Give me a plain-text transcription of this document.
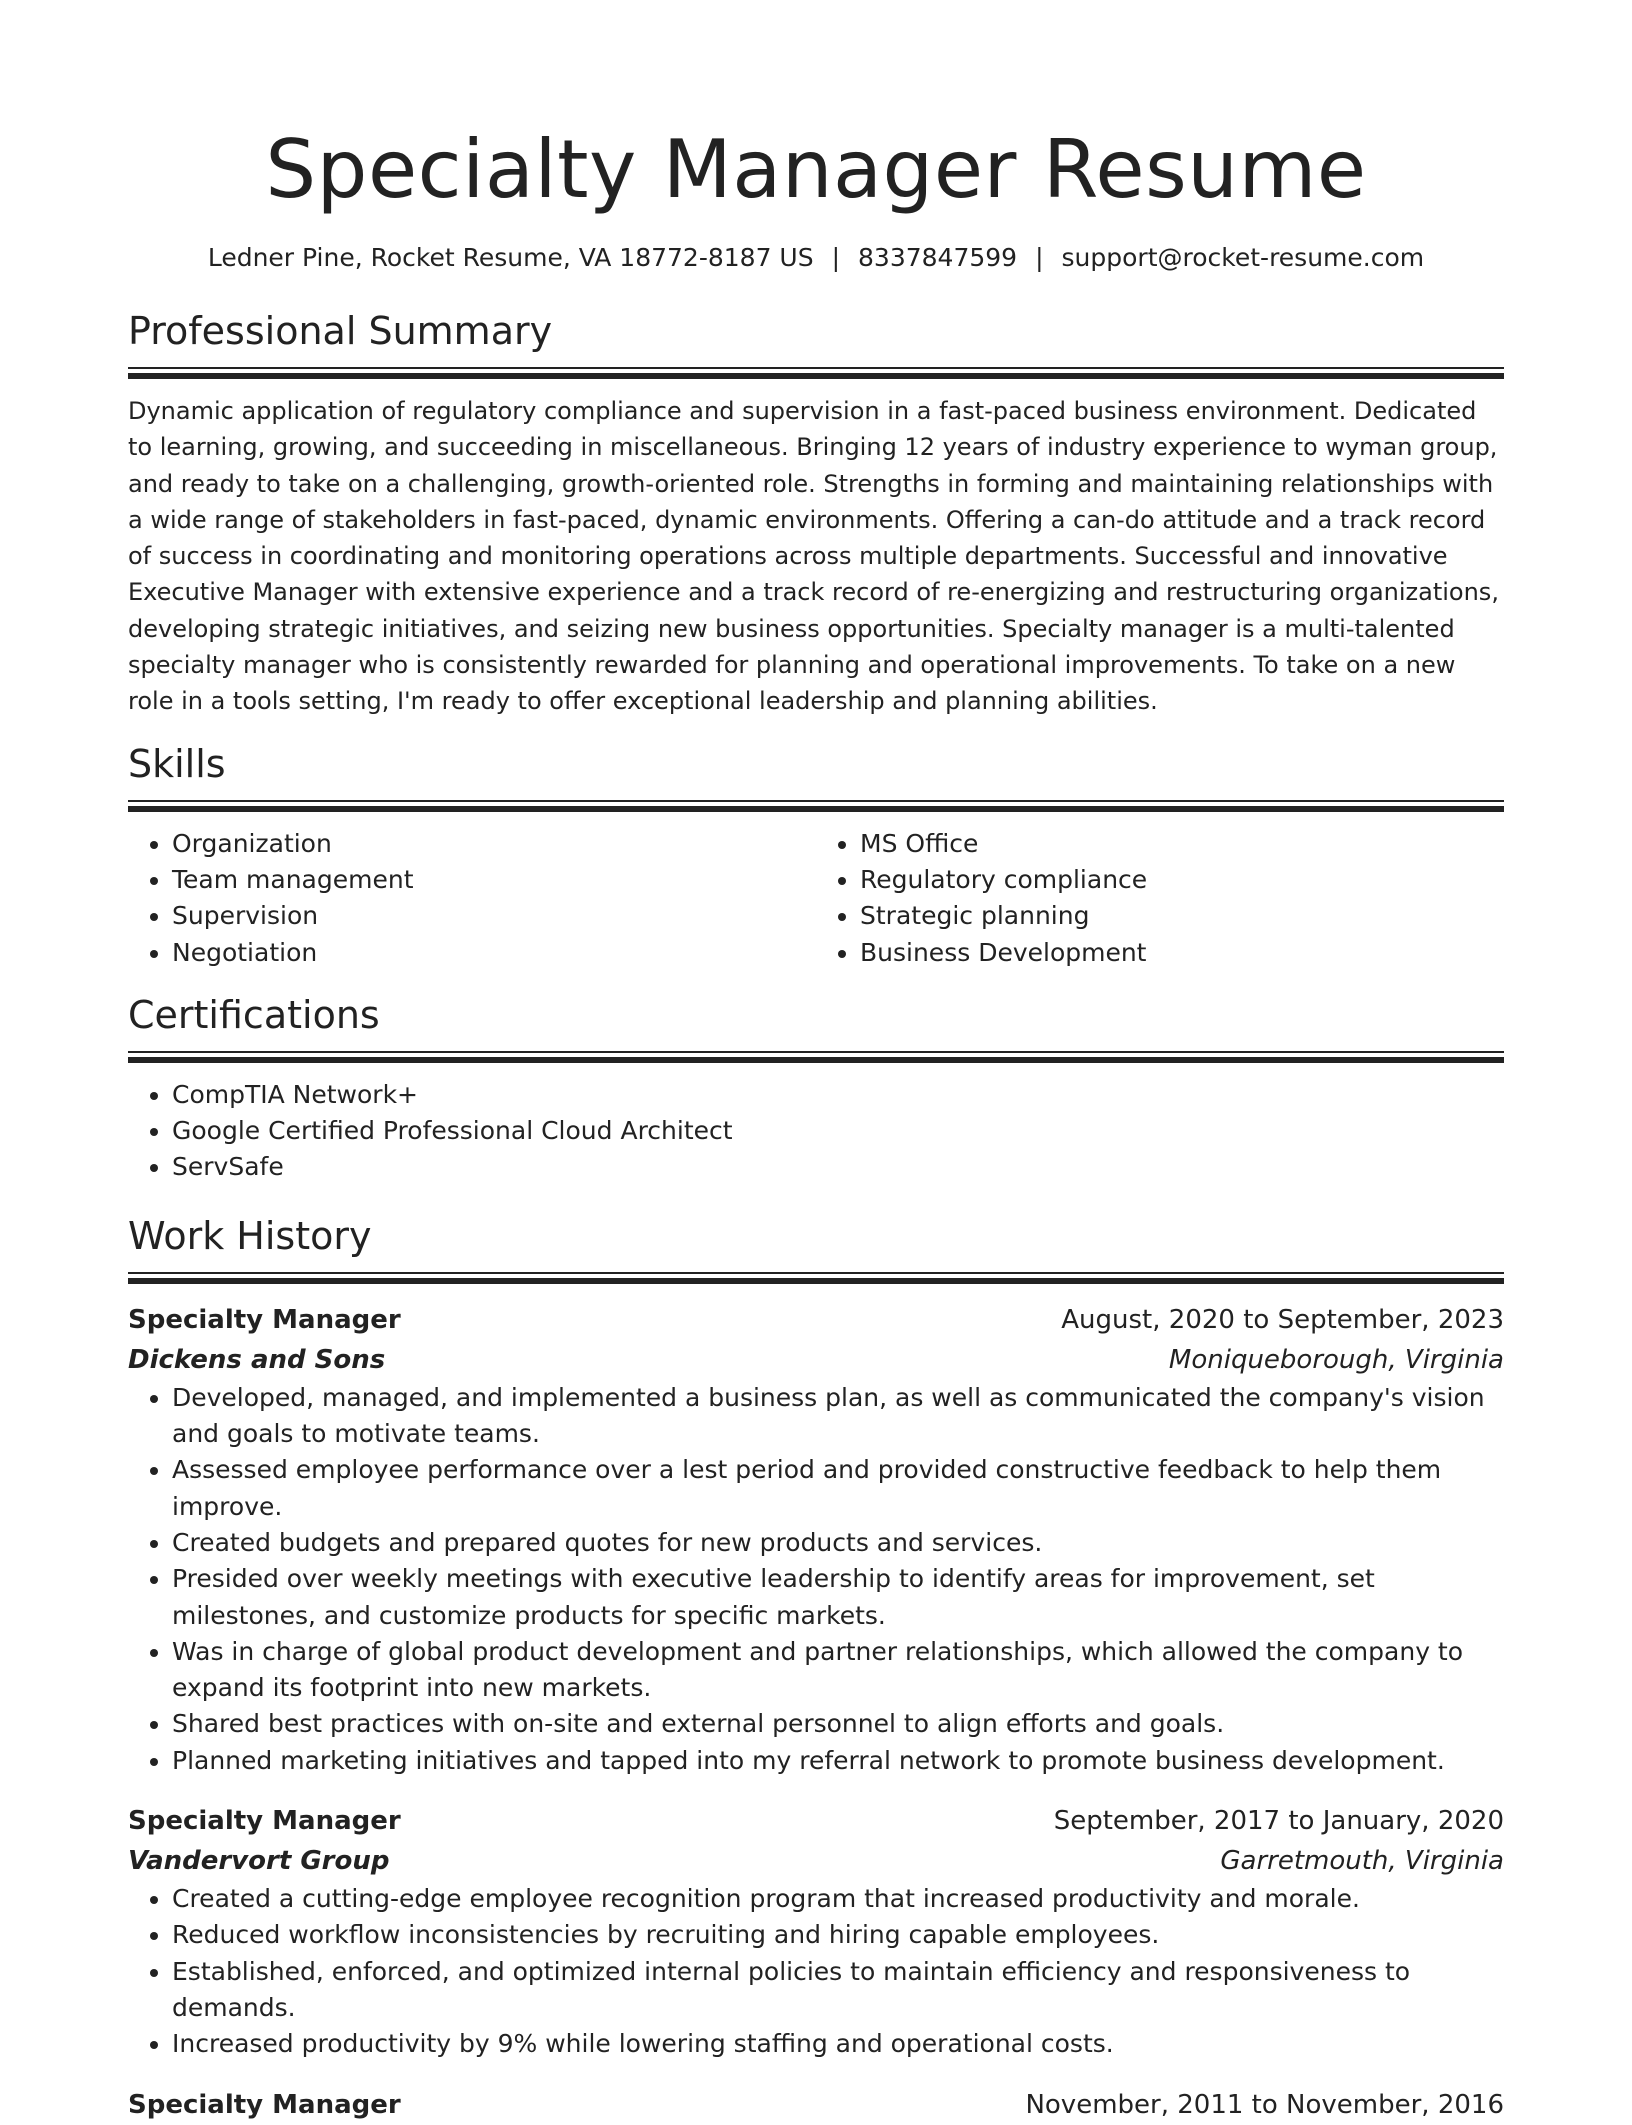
Specialty Manager Resume
Ledner Pine, Rocket Resume, VA 18772-8187 US | 8337847599 | support@rocket-resume.com
Professional Summary
Dynamic application of regulatory compliance and supervision in a fast-paced business environment. Dedicated to learning, growing, and succeeding in miscellaneous. Bringing 12 years of industry experience to wyman group, and ready to take on a challenging, growth-oriented role. Strengths in forming and maintaining relationships with a wide range of stakeholders in fast-paced, dynamic environments. Offering a can-do attitude and a track record of success in coordinating and monitoring operations across multiple departments. Successful and innovative Executive Manager with extensive experience and a track record of re-energizing and restructuring organizations, developing strategic initiatives, and seizing new business opportunities. Specialty manager is a multi-talented specialty manager who is consistently rewarded for planning and operational improvements. To take on a new role in a tools setting, I'm ready to offer exceptional leadership and planning abilities.
Skills
• Organization
• Team management
• Supervision
• Negotiation
• MS Office
• Regulatory compliance
• Strategic planning
• Business Development
Certifications
• CompTIA Network+
• Google Certified Professional Cloud Architect
• ServSafe
Work History
Specialty Manager	August, 2020 to September, 2023
Dickens and Sons	Moniqueborough, Virginia
• Developed, managed, and implemented a business plan, as well as communicated the company's vision and goals to motivate teams.
• Assessed employee performance over a lest period and provided constructive feedback to help them improve.
• Created budgets and prepared quotes for new products and services.
• Presided over weekly meetings with executive leadership to identify areas for improvement, set milestones, and customize products for specific markets.
• Was in charge of global product development and partner relationships, which allowed the company to expand its footprint into new markets.
• Shared best practices with on-site and external personnel to align efforts and goals.
• Planned marketing initiatives and tapped into my referral network to promote business development.
Specialty Manager	September, 2017 to January, 2020
Vandervort Group	Garretmouth, Virginia
• Created a cutting-edge employee recognition program that increased productivity and morale.
• Reduced workflow inconsistencies by recruiting and hiring capable employees.
• Established, enforced, and optimized internal policies to maintain efficiency and responsiveness to demands.
• Increased productivity by 9% while lowering staffing and operational costs.
Specialty Manager	November, 2011 to November, 2016
